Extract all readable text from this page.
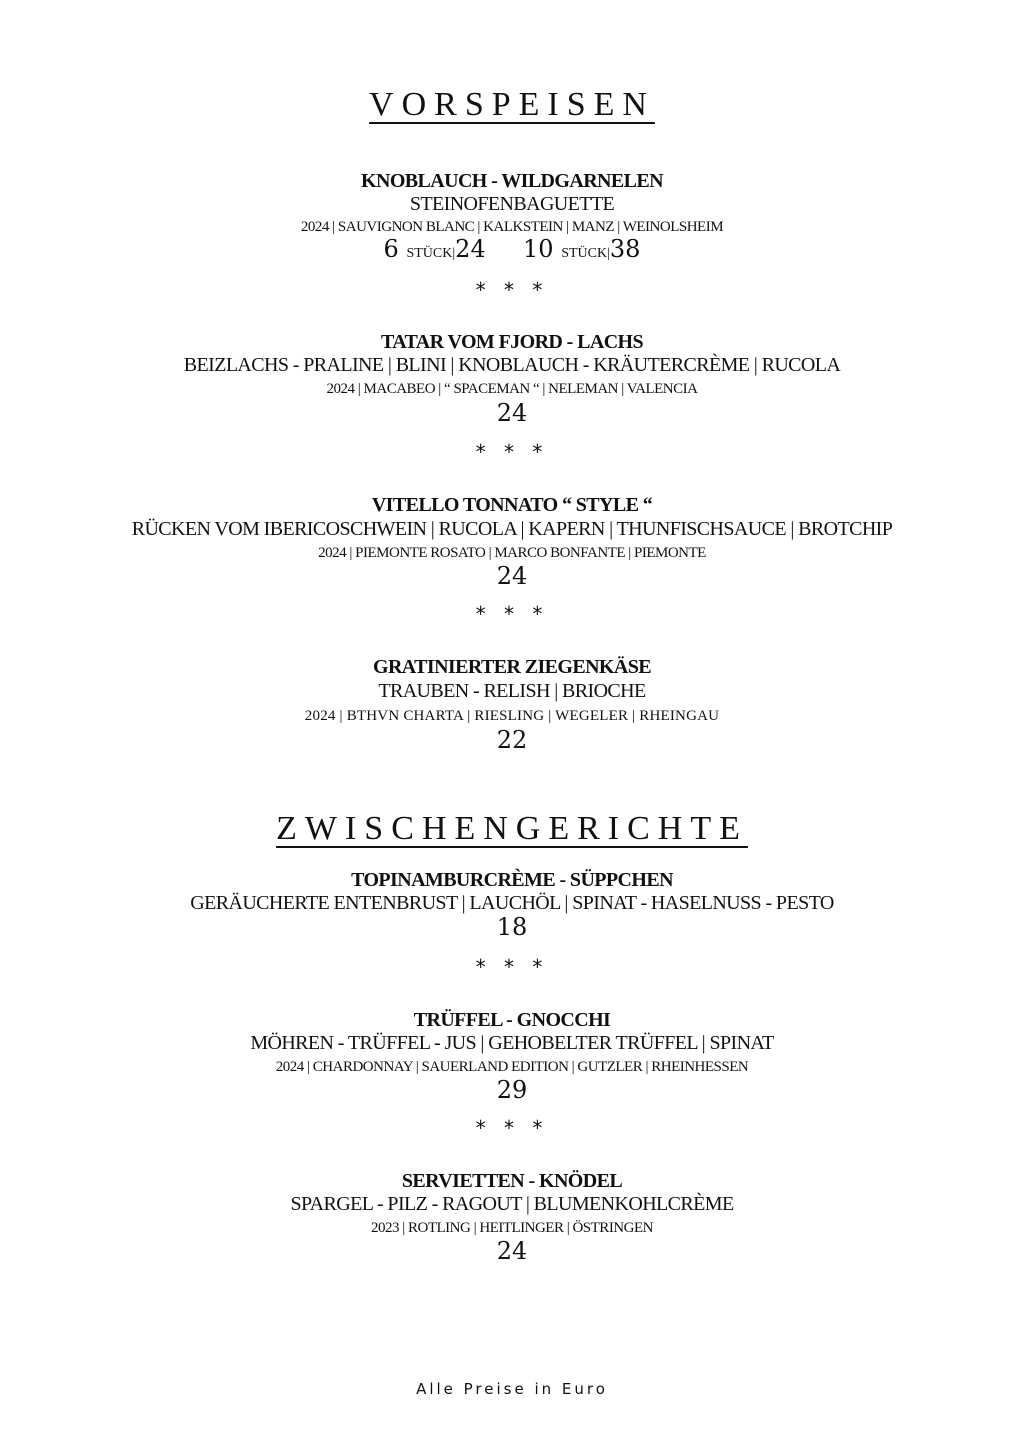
VORSPEISEN
KNOBLAUCH - WILDGARNELEN
STEINOFENBAGUETTE
2024 | SAUVIGNON BLANC | KALKSTEIN | MANZ | WEINOLSHEIM
6 STÜCK|24 10 STÜCK|38
* * *
TATAR VOM FJORD - LACHS
BEIZLACHS - PRALINE | BLINI | KNOBLAUCH - KRÄUTERCRÈME | RUCOLA
2024 | MACABEO | “ SPACEMAN “ | NELEMAN | VALENCIA
24
* * *
VITELLO TONNATO “ STYLE “
RÜCKEN VOM IBERICOSCHWEIN | RUCOLA | KAPERN | THUNFISCHSAUCE | BROTCHIP
2024 | PIEMONTE ROSATO | MARCO BONFANTE | PIEMONTE
24
* * *
GRATINIERTER ZIEGENKÄSE
TRAUBEN - RELISH | BRIOCHE
2024 | BTHVN CHARTA | RIESLING | WEGELER | RHEINGAU
22
ZWISCHENGERICHTE
TOPINAMBURCRÈME - SÜPPCHEN
GERÄUCHERTE ENTENBRUST | LAUCHÖL | SPINAT - HASELNUSS - PESTO
18
* * *
TRÜFFEL - GNOCCHI
MÖHREN - TRÜFFEL - JUS | GEHOBELTER TRÜFFEL | SPINAT
2024 | CHARDONNAY | SAUERLAND EDITION | GUTZLER | RHEINHESSEN
29
* * *
SERVIETTEN - KNÖDEL
SPARGEL - PILZ - RAGOUT | BLUMENKOHLCRÈME
2023 | ROTLING | HEITLINGER | ÖSTRINGEN
24
Alle Preise in Euro
